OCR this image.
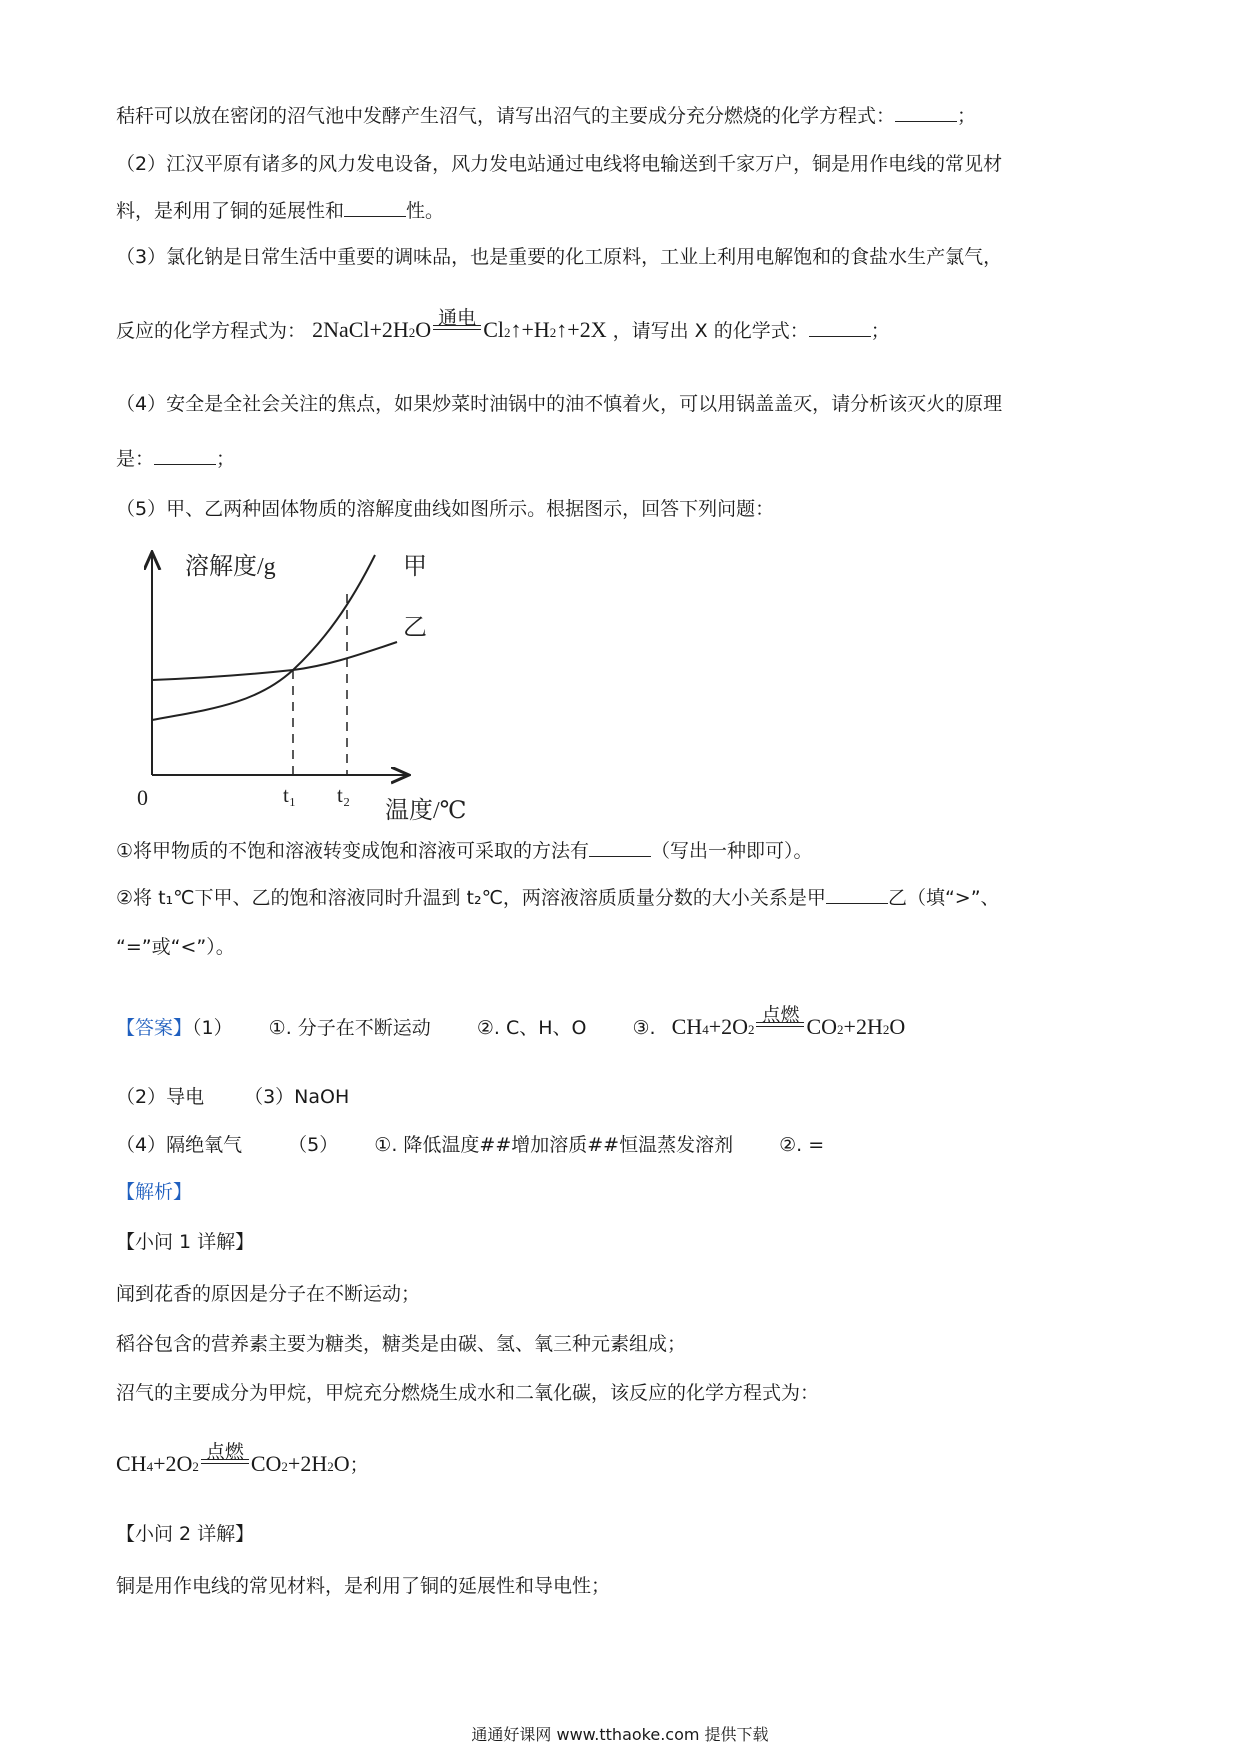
秸秆可以放在密闭的沼气池中发酵产生沼气，请写出沼气的主要成分充分燃烧的化学方程式：	；
（2）江汉平原有诸多的风力发电设备，风力发电站通过电线将电输送到千家万户，铜是用作电线的常见材
料，是利用了铜的延展性和	性。
（3）氯化钠是日常生活中重要的调味品，也是重要的化工原料，工业上利用电解饱和的食盐水生产氯气，
反应的化学方程式为： 2NaCl+2H 2 O 通电 Cl 2 ↑+H 2 ↑+2X ，请写出 X 的化学式：	；
（4）安全是全社会关注的焦点，如果炒菜时油锅中的油不慎着火，可以用锅盖盖灭，请分析该灭火的原理
是：	；
（5）甲、乙两种固体物质的溶解度曲线如图所示。根据图示，回答下列问题：
溶解度/g	甲
乙
0	t₁ t₂
温度/℃
①将甲物质的不饱和溶液转变成饱和溶液可采取的方法有	（写出一种即可）。
②将 t₁℃下甲、乙的饱和溶液同时升温到 t₂℃，两溶液溶质质量分数的大小关系是甲	乙（填“>”、
“=”或“<”）。
【答案】（1） ①. 分子在不断运动 ②. C、H、O ③. CH 4 +2O 2
点燃 CO 2 +2H 2 O
（2）导电 （3）NaOH
（4）隔绝氧气 （5） ①. 降低温度##增加溶质##恒温蒸发溶剂 ②. =
【解析】
【小问 1 详解】
闻到花香的原因是分子在不断运动；
稻谷包含的营养素主要为糖类，糖类是由碳、氢、氧三种元素组成；
沼气的主要成分为甲烷，甲烷充分燃烧生成水和二氧化碳，该反应的化学方程式为：
CH 4 +2O 2
点燃 CO 2 +2H 2 O ；
【小问 2 详解】
铜是用作电线的常见材料，是利用了铜的延展性和导电性；
通通好课网 www.tthaoke.com 提供下载
